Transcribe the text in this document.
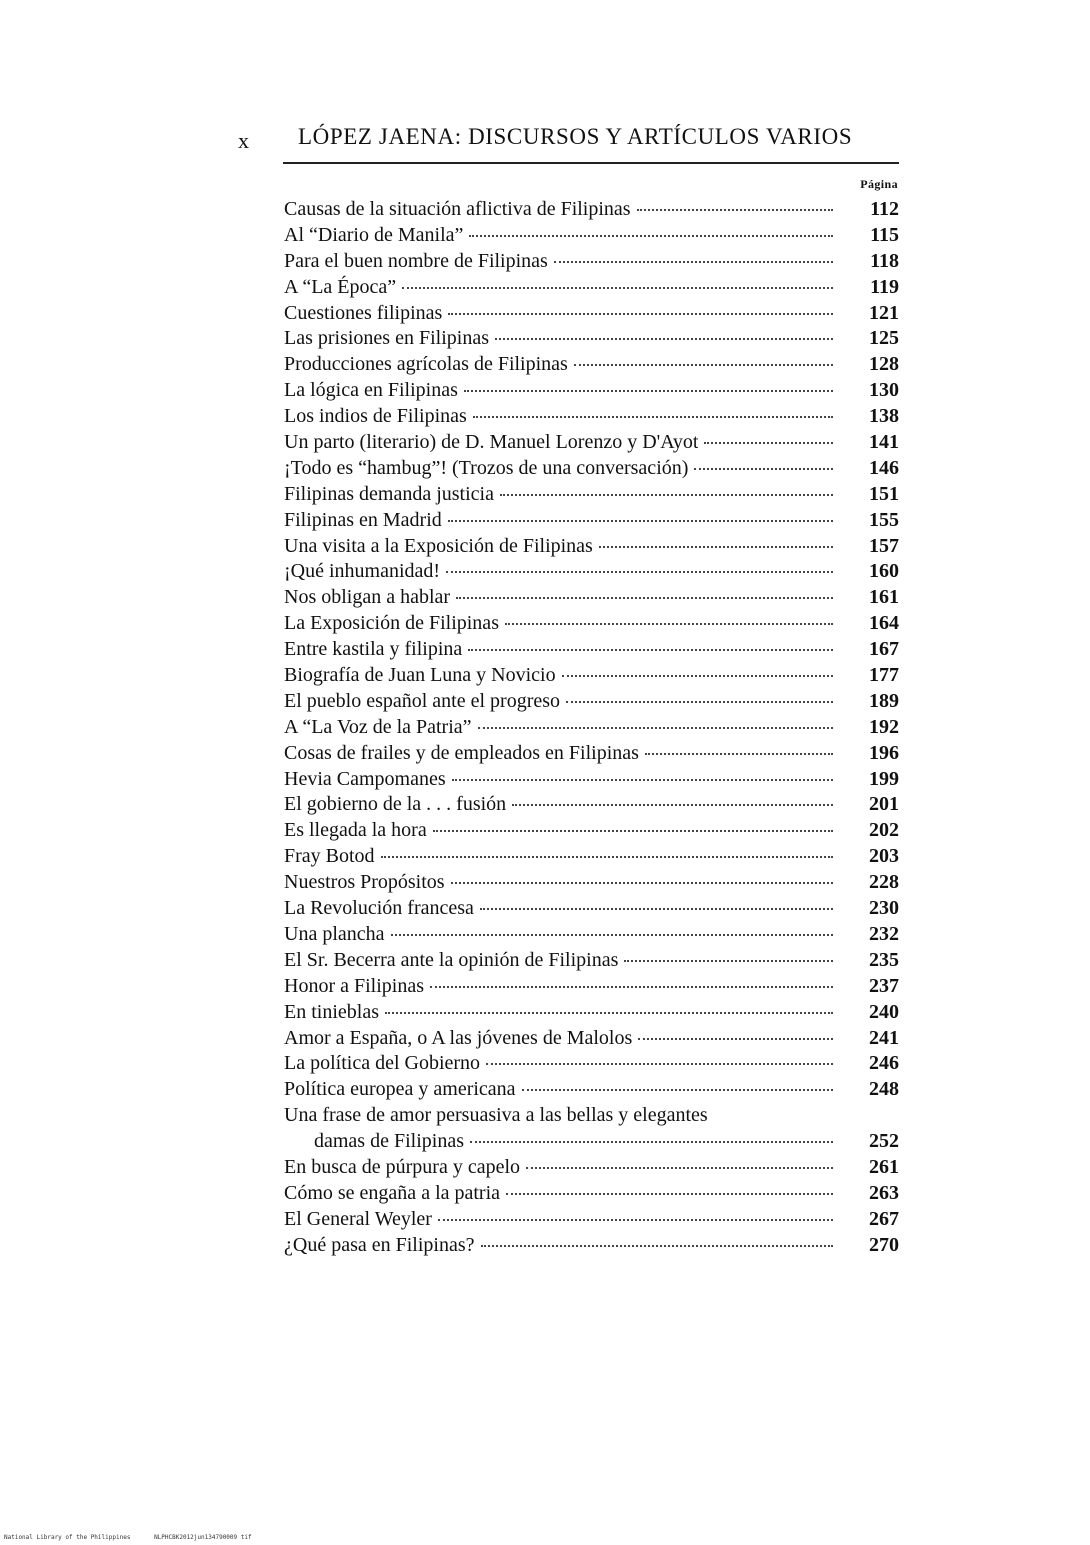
x LÓPEZ JAENA: DISCURSOS Y ARTÍCULOS VARIOS
Página
Causas de la situación aflictiva de Filipinas	112
Al “Diario de Manila”	115
Para el buen nombre de Filipinas	118
A “La Época”	119
Cuestiones filipinas	121
Las prisiones en Filipinas	125
Producciones agrícolas de Filipinas	128
La lógica en Filipinas	130
Los indios de Filipinas	138
Un parto (literario) de D. Manuel Lorenzo y D'Ayot	141
¡Todo es “hambug”! (Trozos de una conversación)	146
Filipinas demanda justicia	151
Filipinas en Madrid	155
Una visita a la Exposición de Filipinas	157
¡Qué inhumanidad!	160
Nos obligan a hablar	161
La Exposición de Filipinas	164
Entre kastila y filipina	167
Biografía de Juan Luna y Novicio	177
El pueblo español ante el progreso	189
A “La Voz de la Patria”	192
Cosas de frailes y de empleados en Filipinas	196
Hevia Campomanes	199
El gobierno de la . . . fusión	201
Es llegada la hora	202
Fray Botod	203
Nuestros Propósitos	228
La Revolución francesa	230
Una plancha	232
El Sr. Becerra ante la opinión de Filipinas	235
Honor a Filipinas	237
En tinieblas	240
Amor a España, o A las jóvenes de Malolos	241
La política del Gobierno	246
Política europea y americana	248
Una frase de amor persuasiva a las bellas y elegantes
damas de Filipinas	252
En busca de púrpura y capelo	261
Cómo se engaña a la patria	263
El General Weyler	267
¿Qué pasa en Filipinas?	270
National Library of the Philippines	NLPHCBK2012jun134790009 tif
